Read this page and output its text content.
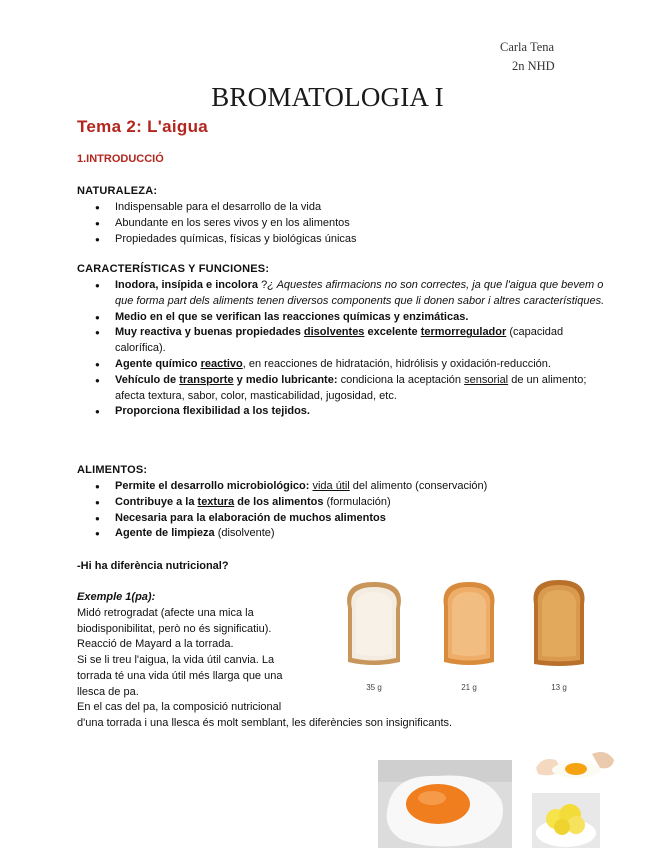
Carla Tena
2n NHD
BROMATOLOGIA I
Tema 2: L'aigua
1.INTRODUCCIÓ
NATURALEZA:
● Indispensable para el desarrollo de la vida
● Abundante en los seres vivos y en los alimentos
● Propiedades químicas, físicas y biológicas únicas
CARACTERÍSTICAS Y FUNCIONES:
● Inodora, insípida e incolora ?¿ Aquestes afirmacions no son correctes, ja que l'aigua que bevem o que forma part dels aliments tenen diversos components que li donen sabor i altres característiques.
● Medio en el que se verifican las reacciones químicas y enzimáticas.
● Muy reactiva y buenas propiedades disolventes excelente termorregulador (capacidad calorífica).
● Agente químico reactivo, en reacciones de hidratación, hidrólisis y oxidación-reducción.
● Vehículo de transporte y medio lubricante: condiciona la aceptación sensorial de un alimento; afecta textura, sabor, color, masticabilidad, jugosidad, etc.
● Proporciona flexibilidad a los tejidos.
ALIMENTOS:
● Permite el desarrollo microbiológico: vida útil del alimento (conservación)
● Contribuye a la textura de los alimentos (formulación)
● Necesaria para la elaboración de muchos alimentos
● Agente de limpieza (disolvente)
-Hi ha diferència nutricional?
Exemple 1(pa):
Midó retrogradat (afecte una mica la
biodisponibilitat, però no és significatiu).
Reacció de Mayard a la torrada.
Si se li treu l'aigua, la vida útil canvia. La
torrada té una vida útil més llarga que una
llesca de pa.
En el cas del pa, la composició nutricional
d'una torrada i una llesca és molt semblant, les diferències son insignificants.
35 g	21 g	13 g
